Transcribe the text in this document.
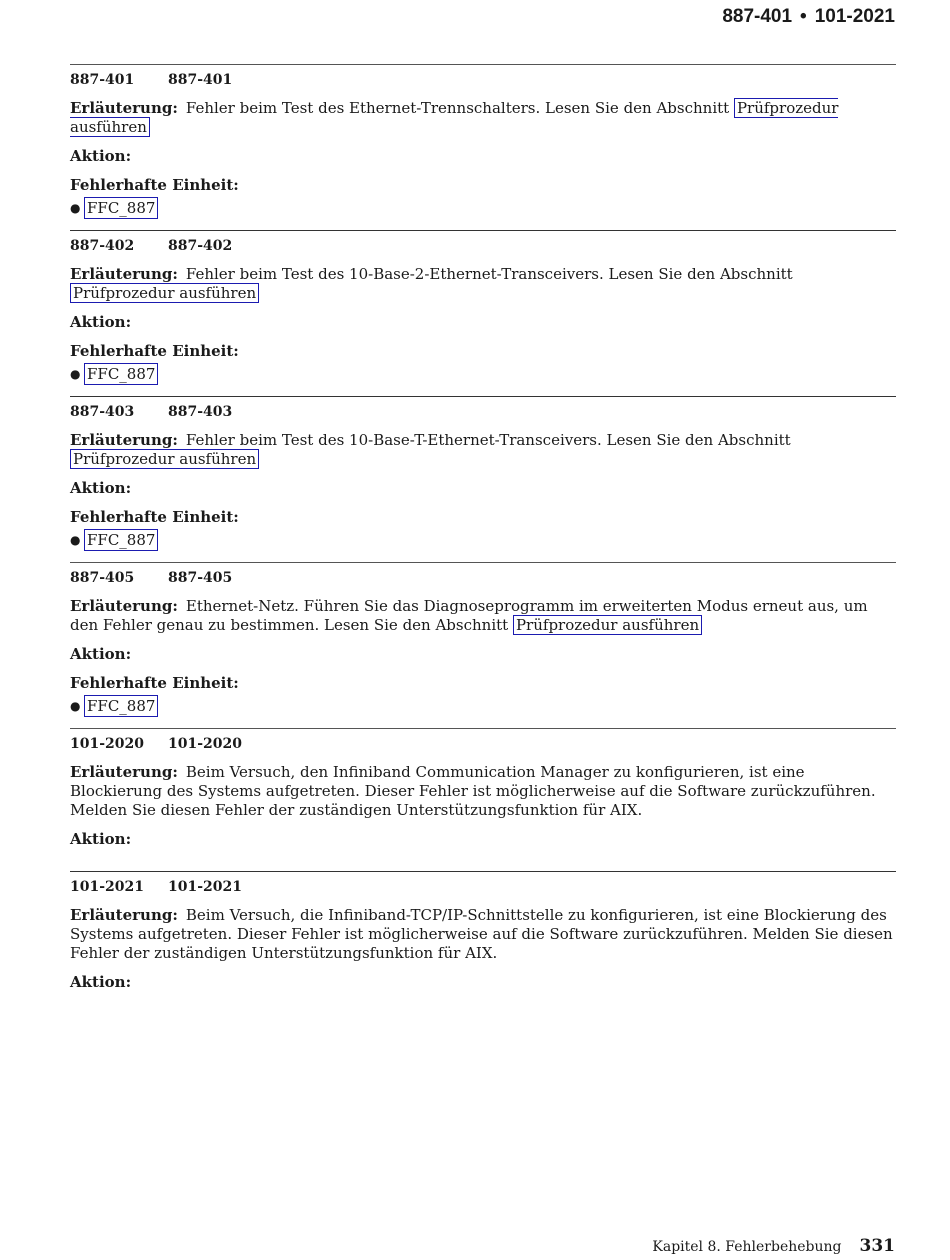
887-401 • 101-2021
887-401	887-401
Erläuterung: Fehler beim Test des Ethernet-Trennschalters. Lesen Sie den Abschnitt Prüfprozedur ausführen
Aktion:
Fehlerhafte Einheit:
● FFC_887
887-402	887-402
Erläuterung: Fehler beim Test des 10-Base-2-Ethernet-Transceivers. Lesen Sie den Abschnitt Prüfprozedur ausführen
Aktion:
Fehlerhafte Einheit:
● FFC_887
887-403	887-403
Erläuterung: Fehler beim Test des 10-Base-T-Ethernet-Transceivers. Lesen Sie den Abschnitt Prüfprozedur ausführen
Aktion:
Fehlerhafte Einheit:
● FFC_887
887-405	887-405
Erläuterung: Ethernet-Netz. Führen Sie das Diagnoseprogramm im erweiterten Modus erneut aus, um den Fehler genau zu bestimmen. Lesen Sie den Abschnitt Prüfprozedur ausführen
Aktion:
Fehlerhafte Einheit:
● FFC_887
101-2020	101-2020
Erläuterung: Beim Versuch, den Infiniband Communication Manager zu konfigurieren, ist eine Blockierung des Systems aufgetreten. Dieser Fehler ist möglicherweise auf die Software zurückzuführen. Melden Sie diesen Fehler der zuständigen Unterstützungsfunktion für AIX.
Aktion:
101-2021	101-2021
Erläuterung: Beim Versuch, die Infiniband-TCP/IP-Schnittstelle zu konfigurieren, ist eine Blockierung des Systems aufgetreten. Dieser Fehler ist möglicherweise auf die Software zurückzuführen. Melden Sie diesen Fehler der zuständigen Unterstützungsfunktion für AIX.
Aktion:
Kapitel 8. Fehlerbehebung 331
